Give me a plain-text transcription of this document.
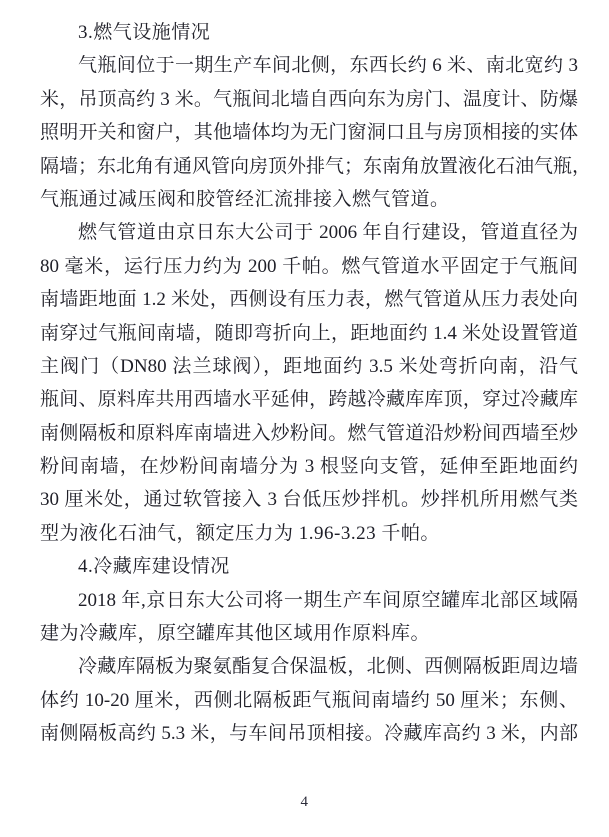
3.燃气设施情况
气瓶间位于一期生产车间北侧，东西长约 6 米、南北宽约 3
米，吊顶高约 3 米。气瓶间北墙自西向东为房门、温度计、防爆
照明开关和窗户，其他墙体均为无门窗洞口且与房顶相接的实体
隔墙；东北角有通风管向房顶外排气；东南角放置液化石油气瓶，
气瓶通过减压阀和胶管经汇流排接入燃气管道。
燃气管道由京日东大公司于 2006 年自行建设，管道直径为
80 毫米，运行压力约为 200 千帕。燃气管道水平固定于气瓶间
南墙距地面 1.2 米处，西侧设有压力表，燃气管道从压力表处向
南穿过气瓶间南墙，随即弯折向上，距地面约 1.4 米处设置管道
主阀门（DN80 法兰球阀），距地面约 3.5 米处弯折向南，沿气
瓶间、原料库共用西墙水平延伸，跨越冷藏库库顶，穿过冷藏库
南侧隔板和原料库南墙进入炒粉间。燃气管道沿炒粉间西墙至炒
粉间南墙，在炒粉间南墙分为 3 根竖向支管，延伸至距地面约
30 厘米处，通过软管接入 3 台低压炒拌机。炒拌机所用燃气类
型为液化石油气，额定压力为 1.96-3.23 千帕。
4.冷藏库建设情况
2018 年,京日东大公司将一期生产车间原空罐库北部区域隔
建为冷藏库，原空罐库其他区域用作原料库。
冷藏库隔板为聚氨酯复合保温板，北侧、西侧隔板距周边墙
体约 10-20 厘米，西侧北隔板距气瓶间南墙约 50 厘米；东侧、
南侧隔板高约 5.3 米，与车间吊顶相接。冷藏库高约 3 米，内部
4
